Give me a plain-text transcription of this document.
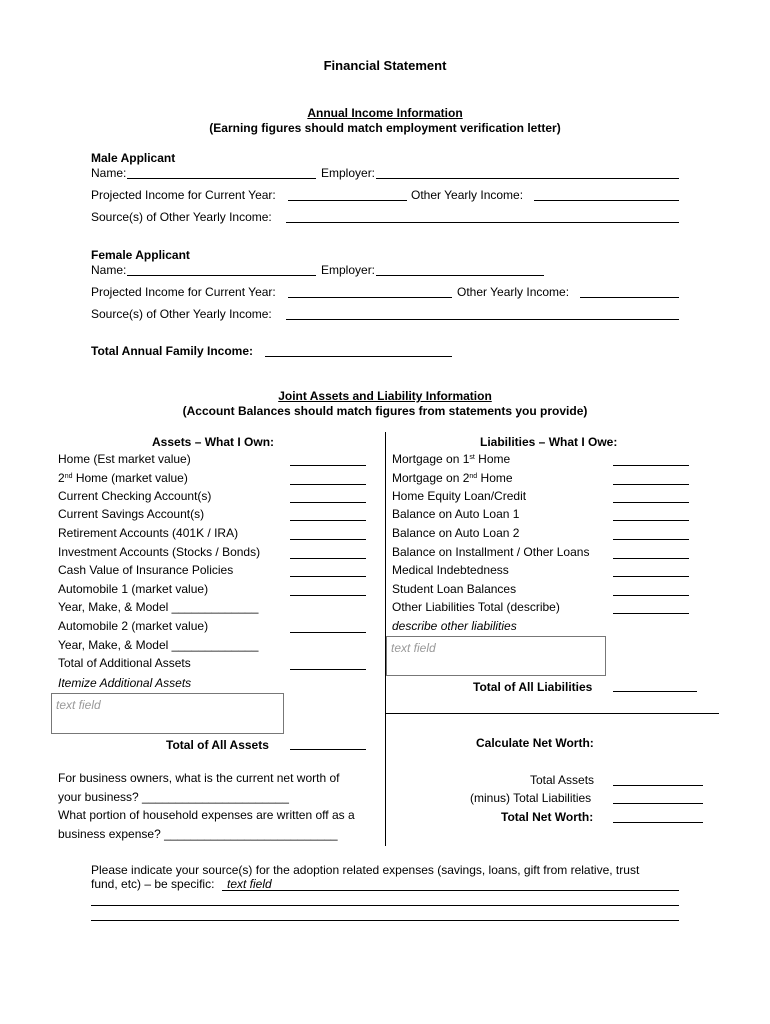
Financial Statement
Annual Income Information
(Earning figures should match employment verification letter)
Male Applicant
Name:	Employer:
Projected Income for Current Year:	Other Yearly Income:
Source(s) of Other Yearly Income:
Female Applicant
Name:	Employer:
Projected Income for Current Year:	Other Yearly Income:
Source(s) of Other Yearly Income:
Total Annual Family Income:
Joint Assets and Liability Information
(Account Balances should match figures from statements you provide)
Assets – What I Own:
Home (Est market value)
2nd Home (market value)
Current Checking Account(s)
Current Savings Account(s)
Retirement Accounts (401K / IRA)
Investment Accounts (Stocks / Bonds)
Cash Value of Insurance Policies
Automobile 1 (market value)
Year, Make, & Model _____________
Automobile 2 (market value)
Year, Make, & Model _____________
Total of Additional Assets
Itemize Additional Assets
text field
Total of All Assets
Liabilities – What I Owe:
Mortgage on 1st Home
Mortgage on 2nd Home
Home Equity Loan/Credit
Balance on Auto Loan 1
Balance on Auto Loan 2
Balance on Installment / Other Loans
Medical Indebtedness
Student Loan Balances
Other Liabilities Total (describe)
describe other liabilities
text field
Total of All Liabilities
For business owners, what is the current net worth of
your business? ______________________
What portion of household expenses are written off as a
business expense? __________________________
Calculate Net Worth:
Total Assets
(minus) Total Liabilities
Total Net Worth:
Please indicate your source(s) for the adoption related expenses (savings, loans, gift from relative, trust
fund, etc) – be specific: text field
